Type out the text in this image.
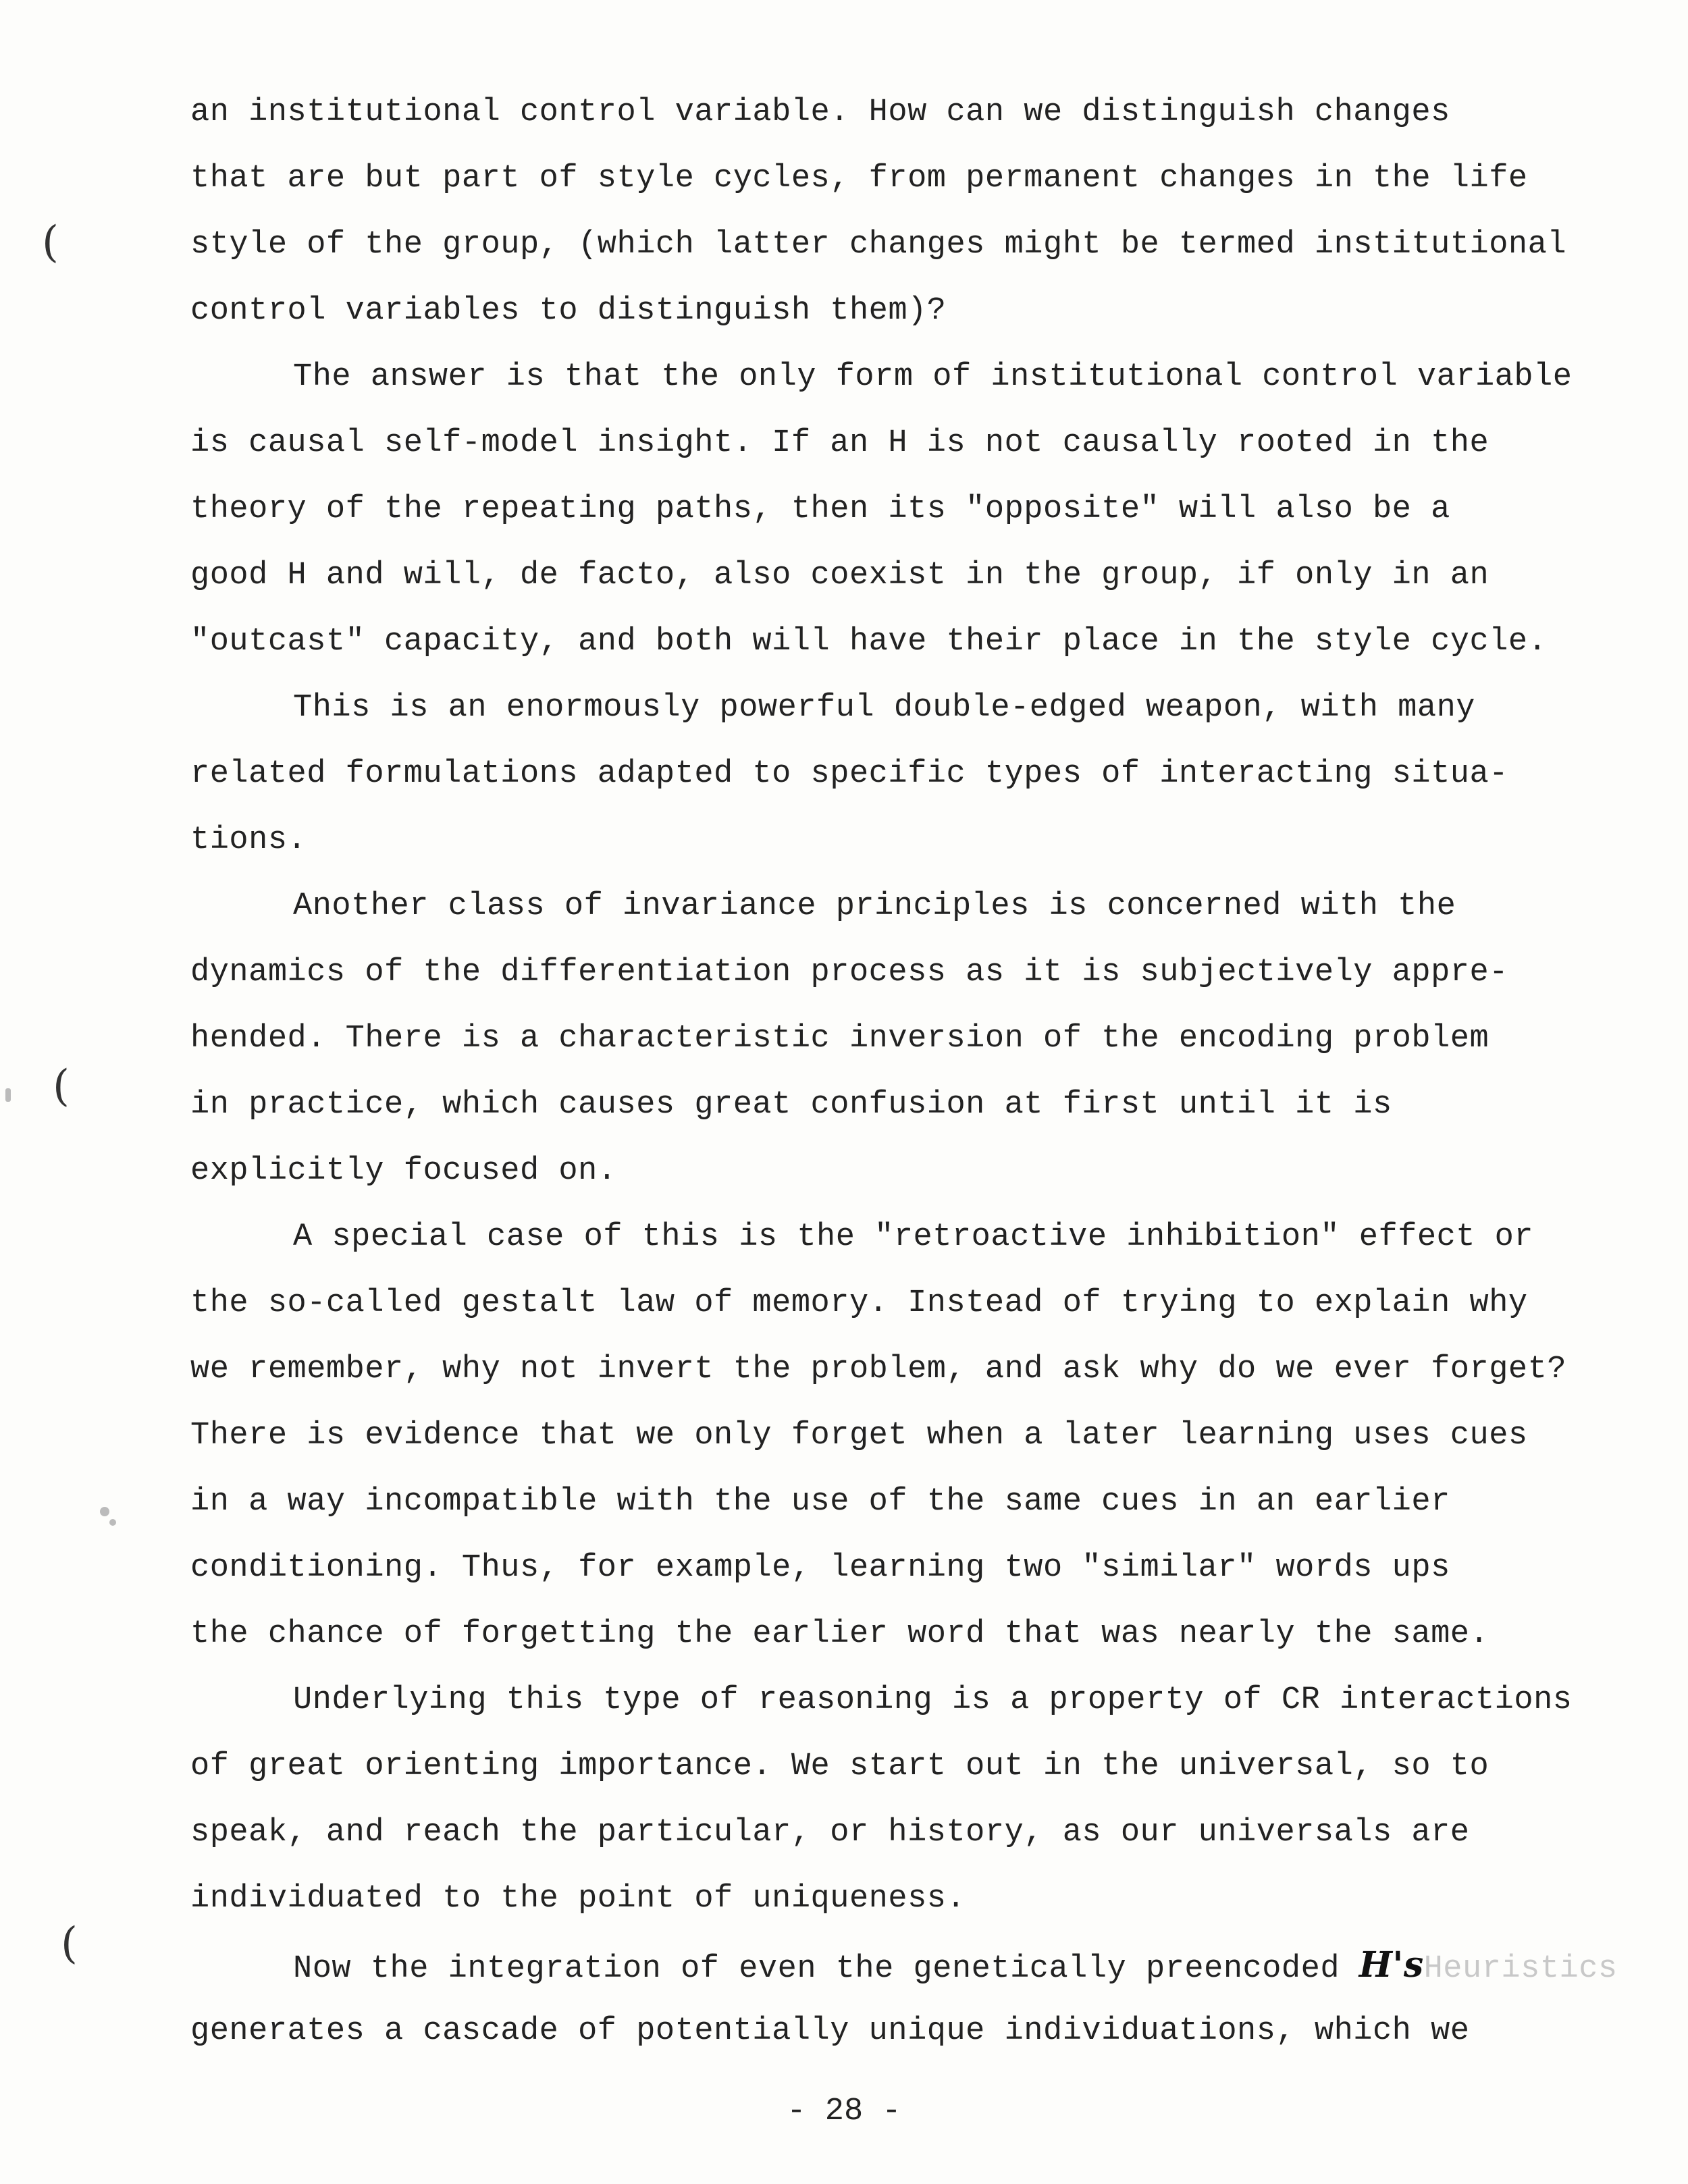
(
(
(
an institutional control variable. How can we distinguish changes
that are but part of style cycles, from permanent changes in the life
style of the group, (which latter changes might be termed institutional
control variables to distinguish them)?
The answer is that the only form of institutional control variable
is causal self-model insight. If an H is not causally rooted in the
theory of the repeating paths, then its "opposite" will also be a
good H and will, de facto, also coexist in the group, if only in an
"outcast" capacity, and both will have their place in the style cycle.
This is an enormously powerful double-edged weapon, with many
related formulations adapted to specific types of interacting situa-
tions.
Another class of invariance principles is concerned with the
dynamics of the differentiation process as it is subjectively appre-
hended. There is a characteristic inversion of the encoding problem
in practice, which causes great confusion at first until it is
explicitly focused on.
A special case of this is the "retroactive inhibition" effect or
the so-called gestalt law of memory. Instead of trying to explain why
we remember, why not invert the problem, and ask why do we ever forget?
There is evidence that we only forget when a later learning uses cues
in a way incompatible with the use of the same cues in an earlier
conditioning. Thus, for example, learning two "similar" words ups
the chance of forgetting the earlier word that was nearly the same.
Underlying this type of reasoning is a property of CR interactions
of great orienting importance. We start out in the universal, so to
speak, and reach the particular, or history, as our universals are
individuated to the point of uniqueness.
Now the integration of even the genetically preencoded H'sHeuristics
generates a cascade of potentially unique individuations, which we
- 28 -
